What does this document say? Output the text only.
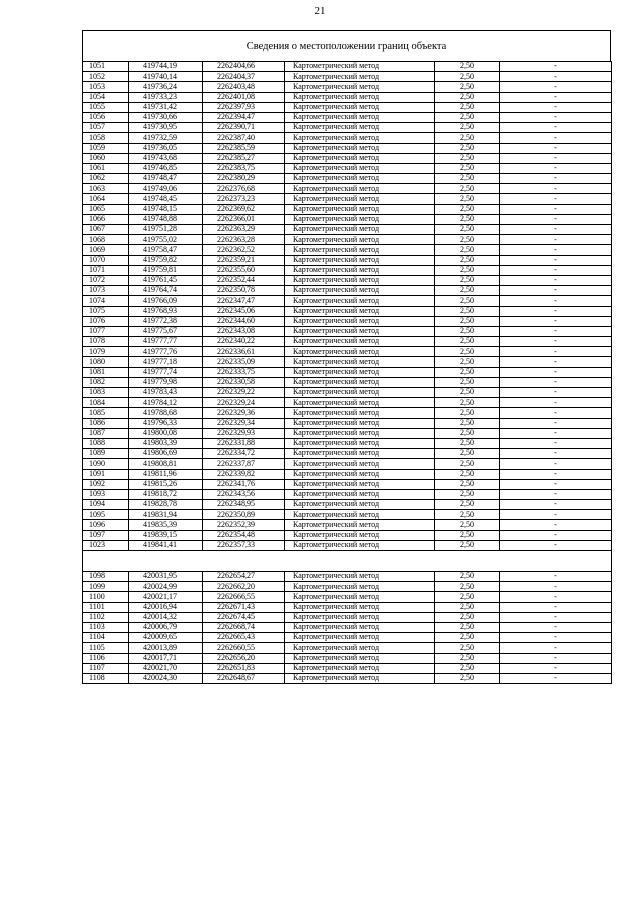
21
Сведения о местоположении границ объекта
1051	419744,19	2262404,66	Картометрический метод	2,50	-
1052	419740,14	2262404,37	Картометрический метод	2,50	-
1053	419736,24	2262403,48	Картометрический метод	2,50	-
1054	419733,23	2262401,08	Картометрический метод	2,50	-
1055	419731,42	2262397,93	Картометрический метод	2,50	-
1056	419730,66	2262394,47	Картометрический метод	2,50	-
1057	419730,95	2262390,71	Картометрический метод	2,50	-
1058	419732,59	2262387,40	Картометрический метод	2,50	-
1059	419736,05	2262385,59	Картометрический метод	2,50	-
1060	419743,68	2262385,27	Картометрический метод	2,50	-
1061	419746,85	2262383,75	Картометрический метод	2,50	-
1062	419748,47	2262380,29	Картометрический метод	2,50	-
1063	419749,06	2262376,68	Картометрический метод	2,50	-
1064	419748,45	2262373,23	Картометрический метод	2,50	-
1065	419748,15	2262369,62	Картометрический метод	2,50	-
1066	419748,88	2262366,01	Картометрический метод	2,50	-
1067	419751,28	2262363,29	Картометрический метод	2,50	-
1068	419755,02	2262363,28	Картометрический метод	2,50	-
1069	419758,47	2262362,52	Картометрический метод	2,50	-
1070	419759,82	2262359,21	Картометрический метод	2,50	-
1071	419759,81	2262355,60	Картометрический метод	2,50	-
1072	419761,45	2262352,44	Картометрический метод	2,50	-
1073	419764,74	2262350,78	Картометрический метод	2,50	-
1074	419766,09	2262347,47	Картометрический метод	2,50	-
1075	419768,93	2262345,06	Картометрический метод	2,50	-
1076	419772,38	2262344,60	Картометрический метод	2,50	-
1077	419775,67	2262343,08	Картометрический метод	2,50	-
1078	419777,77	2262340,22	Картометрический метод	2,50	-
1079	419777,76	2262336,61	Картометрический метод	2,50	-
1080	419777,18	2262335,09	Картометрический метод	2,50	-
1081	419777,74	2262333,75	Картометрический метод	2,50	-
1082	419779,98	2262330,58	Картометрический метод	2,50	-
1083	419783,43	2262329,22	Картометрический метод	2,50	-
1084	419784,12	2262329,24	Картометрический метод	2,50	-
1085	419788,68	2262329,36	Картометрический метод	2,50	-
1086	419796,33	2262329,34	Картометрический метод	2,50	-
1087	419800,08	2262329,93	Картометрический метод	2,50	-
1088	419803,39	2262331,88	Картометрический метод	2,50	-
1089	419806,69	2262334,72	Картометрический метод	2,50	-
1090	419808,81	2262337,87	Картометрический метод	2,50	-
1091	419811,96	2262339,82	Картометрический метод	2,50	-
1092	419815,26	2262341,76	Картометрический метод	2,50	-
1093	419818,72	2262343,56	Картометрический метод	2,50	-
1094	419828,78	2262348,95	Картометрический метод	2,50	-
1095	419831,94	2262350,89	Картометрический метод	2,50	-
1096	419835,39	2262352,39	Картометрический метод	2,50	-
1097	419839,15	2262354,48	Картометрический метод	2,50	-
1023	419841,41	2262357,33	Картометрический метод	2,50	-

1098	420031,95	2262654,27	Картометрический метод	2,50	-
1099	420024,99	2262662,20	Картометрический метод	2,50	-
1100	420021,17	2262666,55	Картометрический метод	2,50	-
1101	420016,94	2262671,43	Картометрический метод	2,50	-
1102	420014,32	2262674,45	Картометрический метод	2,50	-
1103	420006,79	2262668,74	Картометрический метод	2,50	-
1104	420009,65	2262665,43	Картометрический метод	2,50	-
1105	420013,89	2262660,55	Картометрический метод	2,50	-
1106	420017,71	2262656,20	Картометрический метод	2,50	-
1107	420021,70	2262651,83	Картометрический метод	2,50	-
1108	420024,30	2262648,67	Картометрический метод	2,50	-
